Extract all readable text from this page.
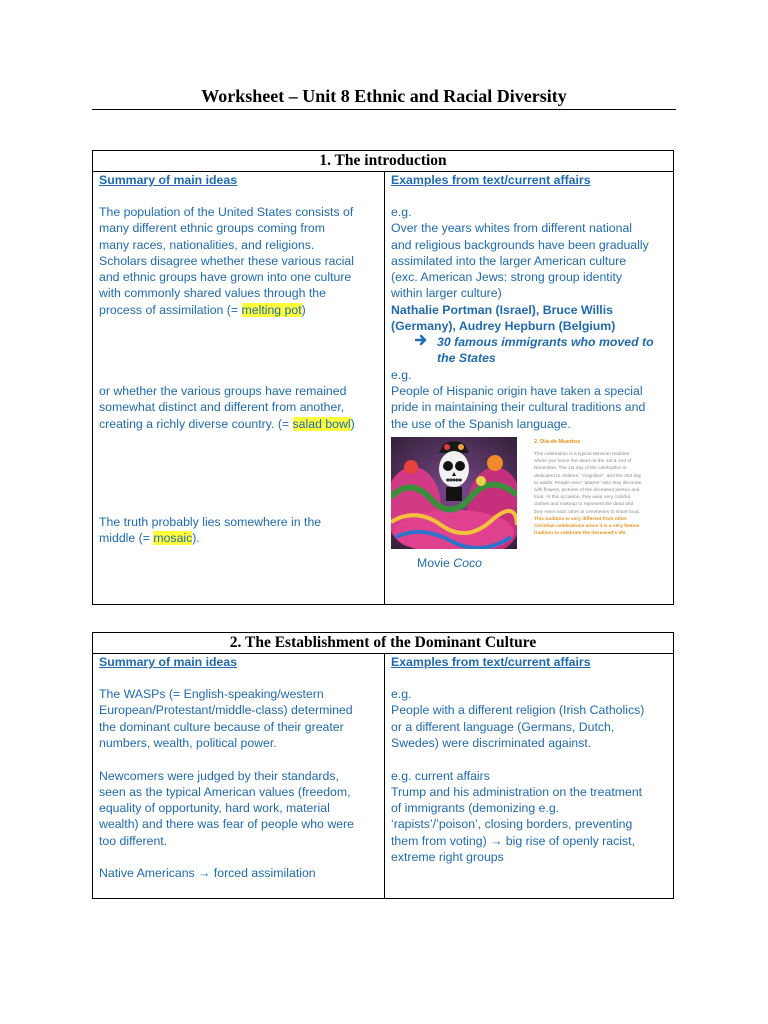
Worksheet – Unit 8 Ethnic and Racial Diversity
1. The introduction
Summary of main ideas
The population of the United States consists of
many different ethnic groups coming from
many races, nationalities, and religions.
Scholars disagree whether these various racial
and ethnic groups have grown into one culture
with commonly shared values through the
process of assimilation (= melting pot)
or whether the various groups have remained
somewhat distinct and different from another,
creating a richly diverse country. (= salad bowl)
The truth probably lies somewhere in the
middle (= mosaic).
Examples from text/current affairs
e.g.
Over the years whites from different national
and religious backgrounds have been gradually
assimilated into the larger American culture
(exc. American Jews: strong group identity
within larger culture)
Nathalie Portman (Israel), Bruce Willis
(Germany), Audrey Hepburn (Belgium)
30 famous immigrants who moved to
the States
e.g.
People of Hispanic origin have taken a special
pride in maintaining their cultural traditions and
the use of the Spanish language.
2. Día de Muertos
This celebration is a typical Mexican tradition
where you honor the dead on the 1st & 2nd of
November. The 1st day of the celebration is
dedicated to children, "Angelitos", and the 2nd day
to adults. People erect "altares" who they decorate
with flowers, pictures of the deceased person and
food. At this occasion, they wear very colorful
clothes and makeup to represent the dead and
they meet each other at cemeteries to share food.
This tradition is very different from other
Christian celebrations since it is a very festive
tradition to celebrate the deceased's life.
Movie Coco
2. The Establishment of the Dominant Culture
Summary of main ideas
The WASPs (= English-speaking/western
European/Protestant/middle-class) determined
the dominant culture because of their greater
numbers, wealth, political power.
Newcomers were judged by their standards,
seen as the typical American values (freedom,
equality of opportunity, hard work, material
wealth) and there was fear of people who were
too different.
Native Americans → forced assimilation
Examples from text/current affairs
e.g.
People with a different religion (Irish Catholics)
or a different language (Germans, Dutch,
Swedes) were discriminated against.
e.g. current affairs
Trump and his administration on the treatment
of immigrants (demonizing e.g.
‘rapists’/’poison’, closing borders, preventing
them from voting) → big rise of openly racist,
extreme right groups
